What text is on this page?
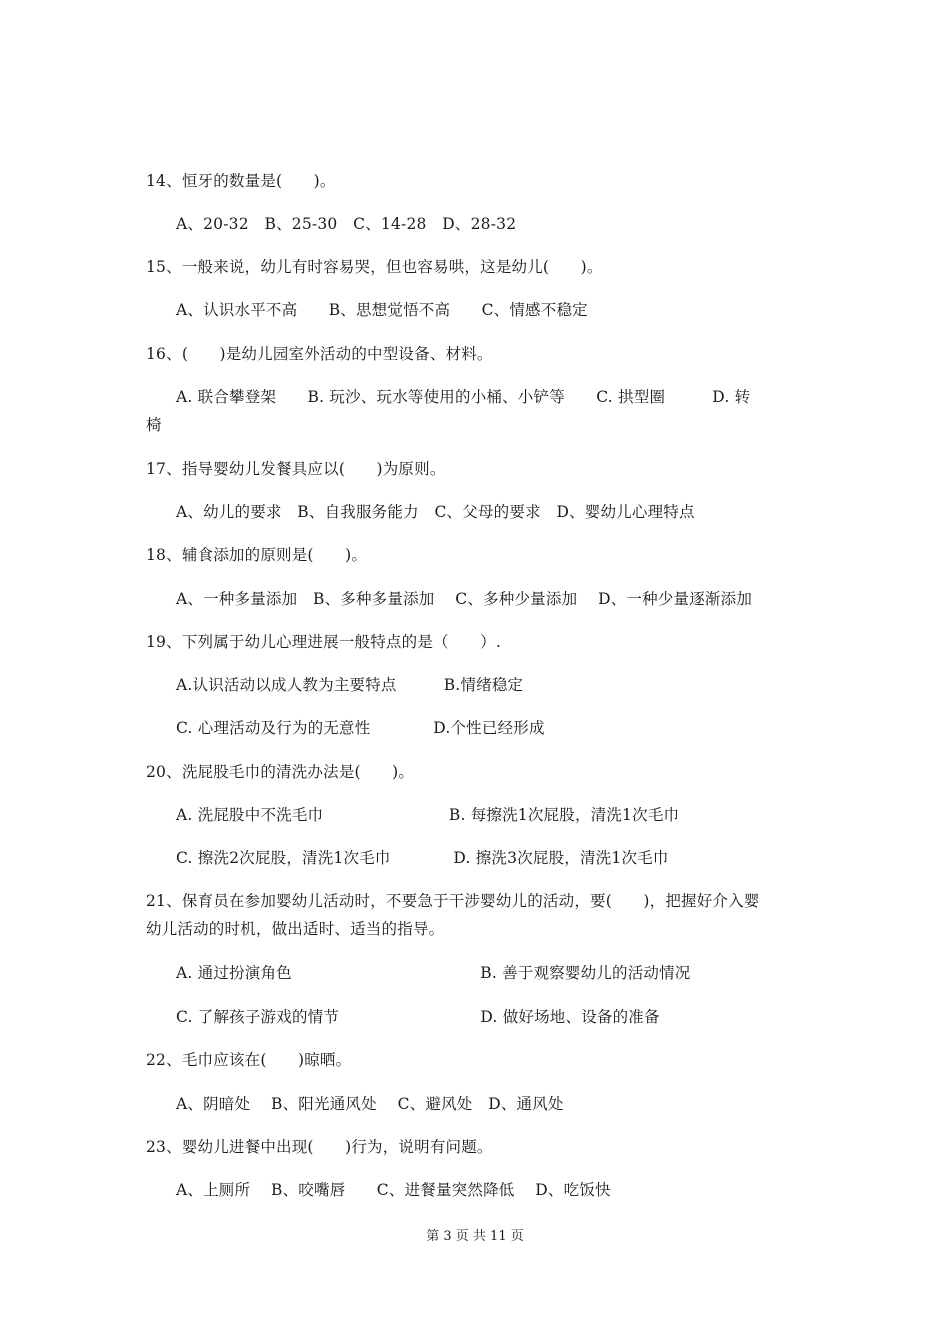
14、恒牙的数量是(　　)。
A、20-32　B、25-30　C、14-28　D、28-32
15、一般来说，幼儿有时容易哭，但也容易哄，这是幼儿(　　)。
A、认识水平不高　　B、思想觉悟不高　　C、情感不稳定
16、(　　)是幼儿园室外活动的中型设备、材料。
A. 联合攀登架　　B. 玩沙、玩水等使用的小桶、小铲等　　C. 拱型圈　　　D. 转
椅
17、指导婴幼儿发餐具应以(　　)为原则。
A、幼儿的要求　B、自我服务能力　C、父母的要求　D、婴幼儿心理特点
18、辅食添加的原则是(　　)。
A、一种多量添加　B、多种多量添加　 C、多种少量添加　 D、一种少量逐渐添加
19、下列属于幼儿心理进展一般特点的是（　　）.
A.认识活动以成人教为主要特点　　　B.情绪稳定
C. 心理活动及行为的无意性　　　　D.个性已经形成
20、洗屁股毛巾的清洗办法是(　　)。
A. 洗屁股中不洗毛巾　　　　　　　　B. 每擦洗1次屁股，清洗1次毛巾
C. 擦洗2次屁股，清洗1次毛巾　　　　D. 擦洗3次屁股，清洗1次毛巾
21、保育员在参加婴幼儿活动时，不要急于干涉婴幼儿的活动，要(　　)，把握好介入婴
幼儿活动的时机，做出适时、适当的指导。
A. 通过扮演角色　　　　　　　　　　　　B. 善于观察婴幼儿的活动情况
C. 了解孩子游戏的情节　　　　　　　　　D. 做好场地、设备的准备
22、毛巾应该在(　　)晾晒。
A、阴暗处　 B、阳光通风处　 C、避风处　D、通风处
23、婴幼儿进餐中出现(　　)行为，说明有问题。
A、上厕所　 B、咬嘴唇　　C、进餐量突然降低　 D、吃饭快
第 3 页 共 11 页
